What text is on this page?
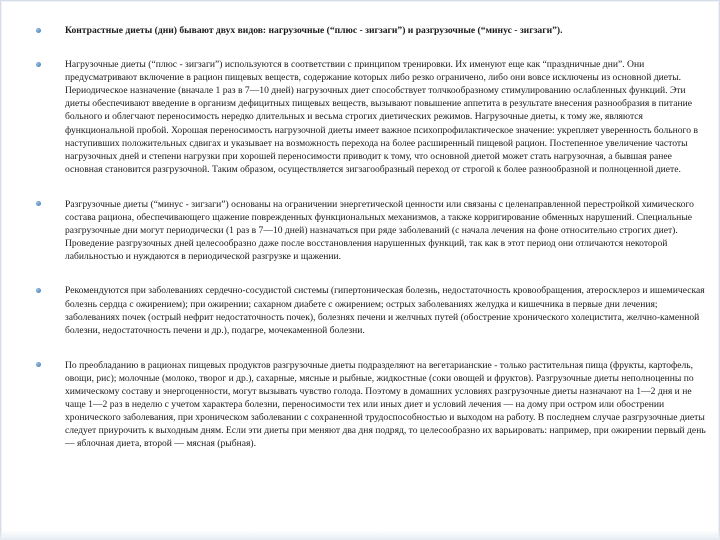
Контрастные диеты (дни) бывают двух видов: нагрузочные (“плюс - зигзаги”) и разгрузочные (“минус - зигзаги”).
Нагрузочные диеты (“плюс - зигзаги”) используются в соответствии с принципом тренировки. Их именуют еще как “праздничные дни”. Они предусматривают включение в рацион пищевых веществ, содержание которых либо резко ограничено, либо они вовсе исключены из основной диеты. Периодическое назначение (вначале 1 раз в 7—10 дней) нагрузочных диет способствует толчкообразному стимулированию ослабленных функций. Эти диеты обеспечивают введение в организм дефицитных пищевых веществ, вызывают повышение аппетита в результате внесения разнообразия в питание больного и облегчают переносимость нередко длительных и весьма строгих диетических режимов. Нагрузочные диеты, к тому же, являются функциональной пробой. Хорошая переносимость нагрузочной диеты имеет важное психопрофилактическое значение: укрепляет уверенность больного в наступивших положительных сдвигах и указывает на возможность перехода на более расширенный пищевой рацион. Постепенное увеличение частоты нагрузочных дней и степени нагрузки при хорошей переносимости приводит к тому, что основной диетой может стать нагрузочная, а бывшая ранее основная становится разгрузочной. Таким образом, осуществляется зигзагообразный переход от строгой к более разнообразной и полноценной диете.
Разгрузочные диеты (“минус - зигзаги”) основаны на ограничении энергетической ценности или связаны с целенаправленной перестройкой химического состава рациона, обеспечивающего щажение поврежденных функциональных механизмов, а также корригирование обменных нарушений. Специальные разгрузочные дни могут периодически (1 раз в 7—10 дней) назначаться при ряде заболеваний (с начала лечения на фоне относительно строгих диет). Проведение разгрузочных дней целесообразно даже после восстановления нарушенных функций, так как в этот период они отличаются некоторой лабильностью и нуждаются в периодической разгрузке и щажении.
Рекомендуются при заболеваниях сердечно-сосудистой системы (гипертоническая болезнь, недостаточность кровообращения, атеросклероз и ишемическая болезнь сердца с ожирением); при ожирении; сахарном диабете с ожирением; острых заболеваниях желудка и кишечника в первые дни лечения; заболеваниях почек (острый нефрит недостаточность почек), болезнях печени и желчных путей (обострение хронического холецистита, желчно-каменной болезни, недостаточность печени и др.), подагре, мочекаменной болезни.
По преобладанию в рационах пищевых продуктов разгрузочные диеты подразделяют на вегетарианские - только растительная пища (фрукты, картофель, овощи, рис); молочные (молоко, творог и др.), сахарные, мясные и рыбные, жидкостные (соки овощей и фруктов). Разгрузочные диеты неполноценны по химическому составу и энергоценности, могут вызывать чувство голода. Поэтому в домашних условиях разгрузочные диеты назначают на 1—2 дня и не чаще 1—2 раз в неделю с учетом характера болезни, переносимости тех или иных диет и условий лечения — на дому при остром или обострении хронического заболевания, при хроническом заболевании с сохраненной трудоспособностью и выходом на работу. В последнем случае разгрузочные диеты следует приурочить к выходным дням. Если эти диеты при меняют два дня подряд, то целесообразно их варьировать: например, при ожирении первый день — яблочная диета, второй — мясная (рыбная).
